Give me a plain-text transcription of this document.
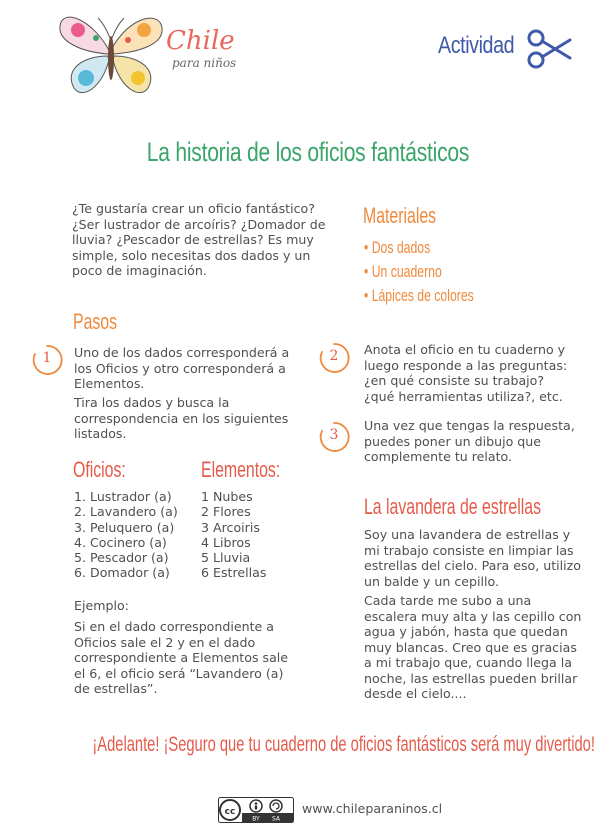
Chile
para niños
Actividad
La historia de los oficios fantásticos
¿Te gustaría crear un oficio fantástico? ¿Ser lustrador de arcoíris? ¿Domador de lluvia? ¿Pescador de estrellas? Es muy simple, solo necesitas dos dados y un poco de imaginación.
Materiales
• Dos dados
• Un cuaderno
• Lápices de colores
Pasos
1	Uno de los dados corresponderá a los Oficios y otro corresponderá a Elementos.
Tira los dados y busca la correspondencia en los siguientes listados.
2	Anota el oficio en tu cuaderno y luego responde a las preguntas: ¿en qué consiste su trabajo? ¿qué herramientas utiliza?, etc.
3
Una vez que tengas la respuesta, puedes poner un dibujo que complemente tu relato.
Oficios:
1. Lustrador (a)
2. Lavandero (a)
3. Peluquero (a)
4. Cocinero (a)
5. Pescador (a)
6. Domador (a)
Elementos:
1 Nubes
2 Flores
3 Arcoiris
4 Libros
5 Lluvia
6 Estrellas
Ejemplo:
Si en el dado correspondiente a Oficios sale el 2 y en el dado correspondiente a Elementos sale el 6, el oficio será “Lavandero (a) de estrellas”.
La lavandera de estrellas
Soy una lavandera de estrellas y mi trabajo consiste en limpiar las estrellas del cielo. Para eso, utilizo un balde y un cepillo.
Cada tarde me subo a una escalera muy alta y las cepillo con agua y jabón, hasta que quedan muy blancas. Creo que es gracias a mi trabajo que, cuando llega la noche, las estrellas pueden brillar desde el cielo....
¡Adelante! ¡Seguro que tu cuaderno de oficios fantásticos será muy divertido!
cc
BY SA
www.chileparaninos.cl
